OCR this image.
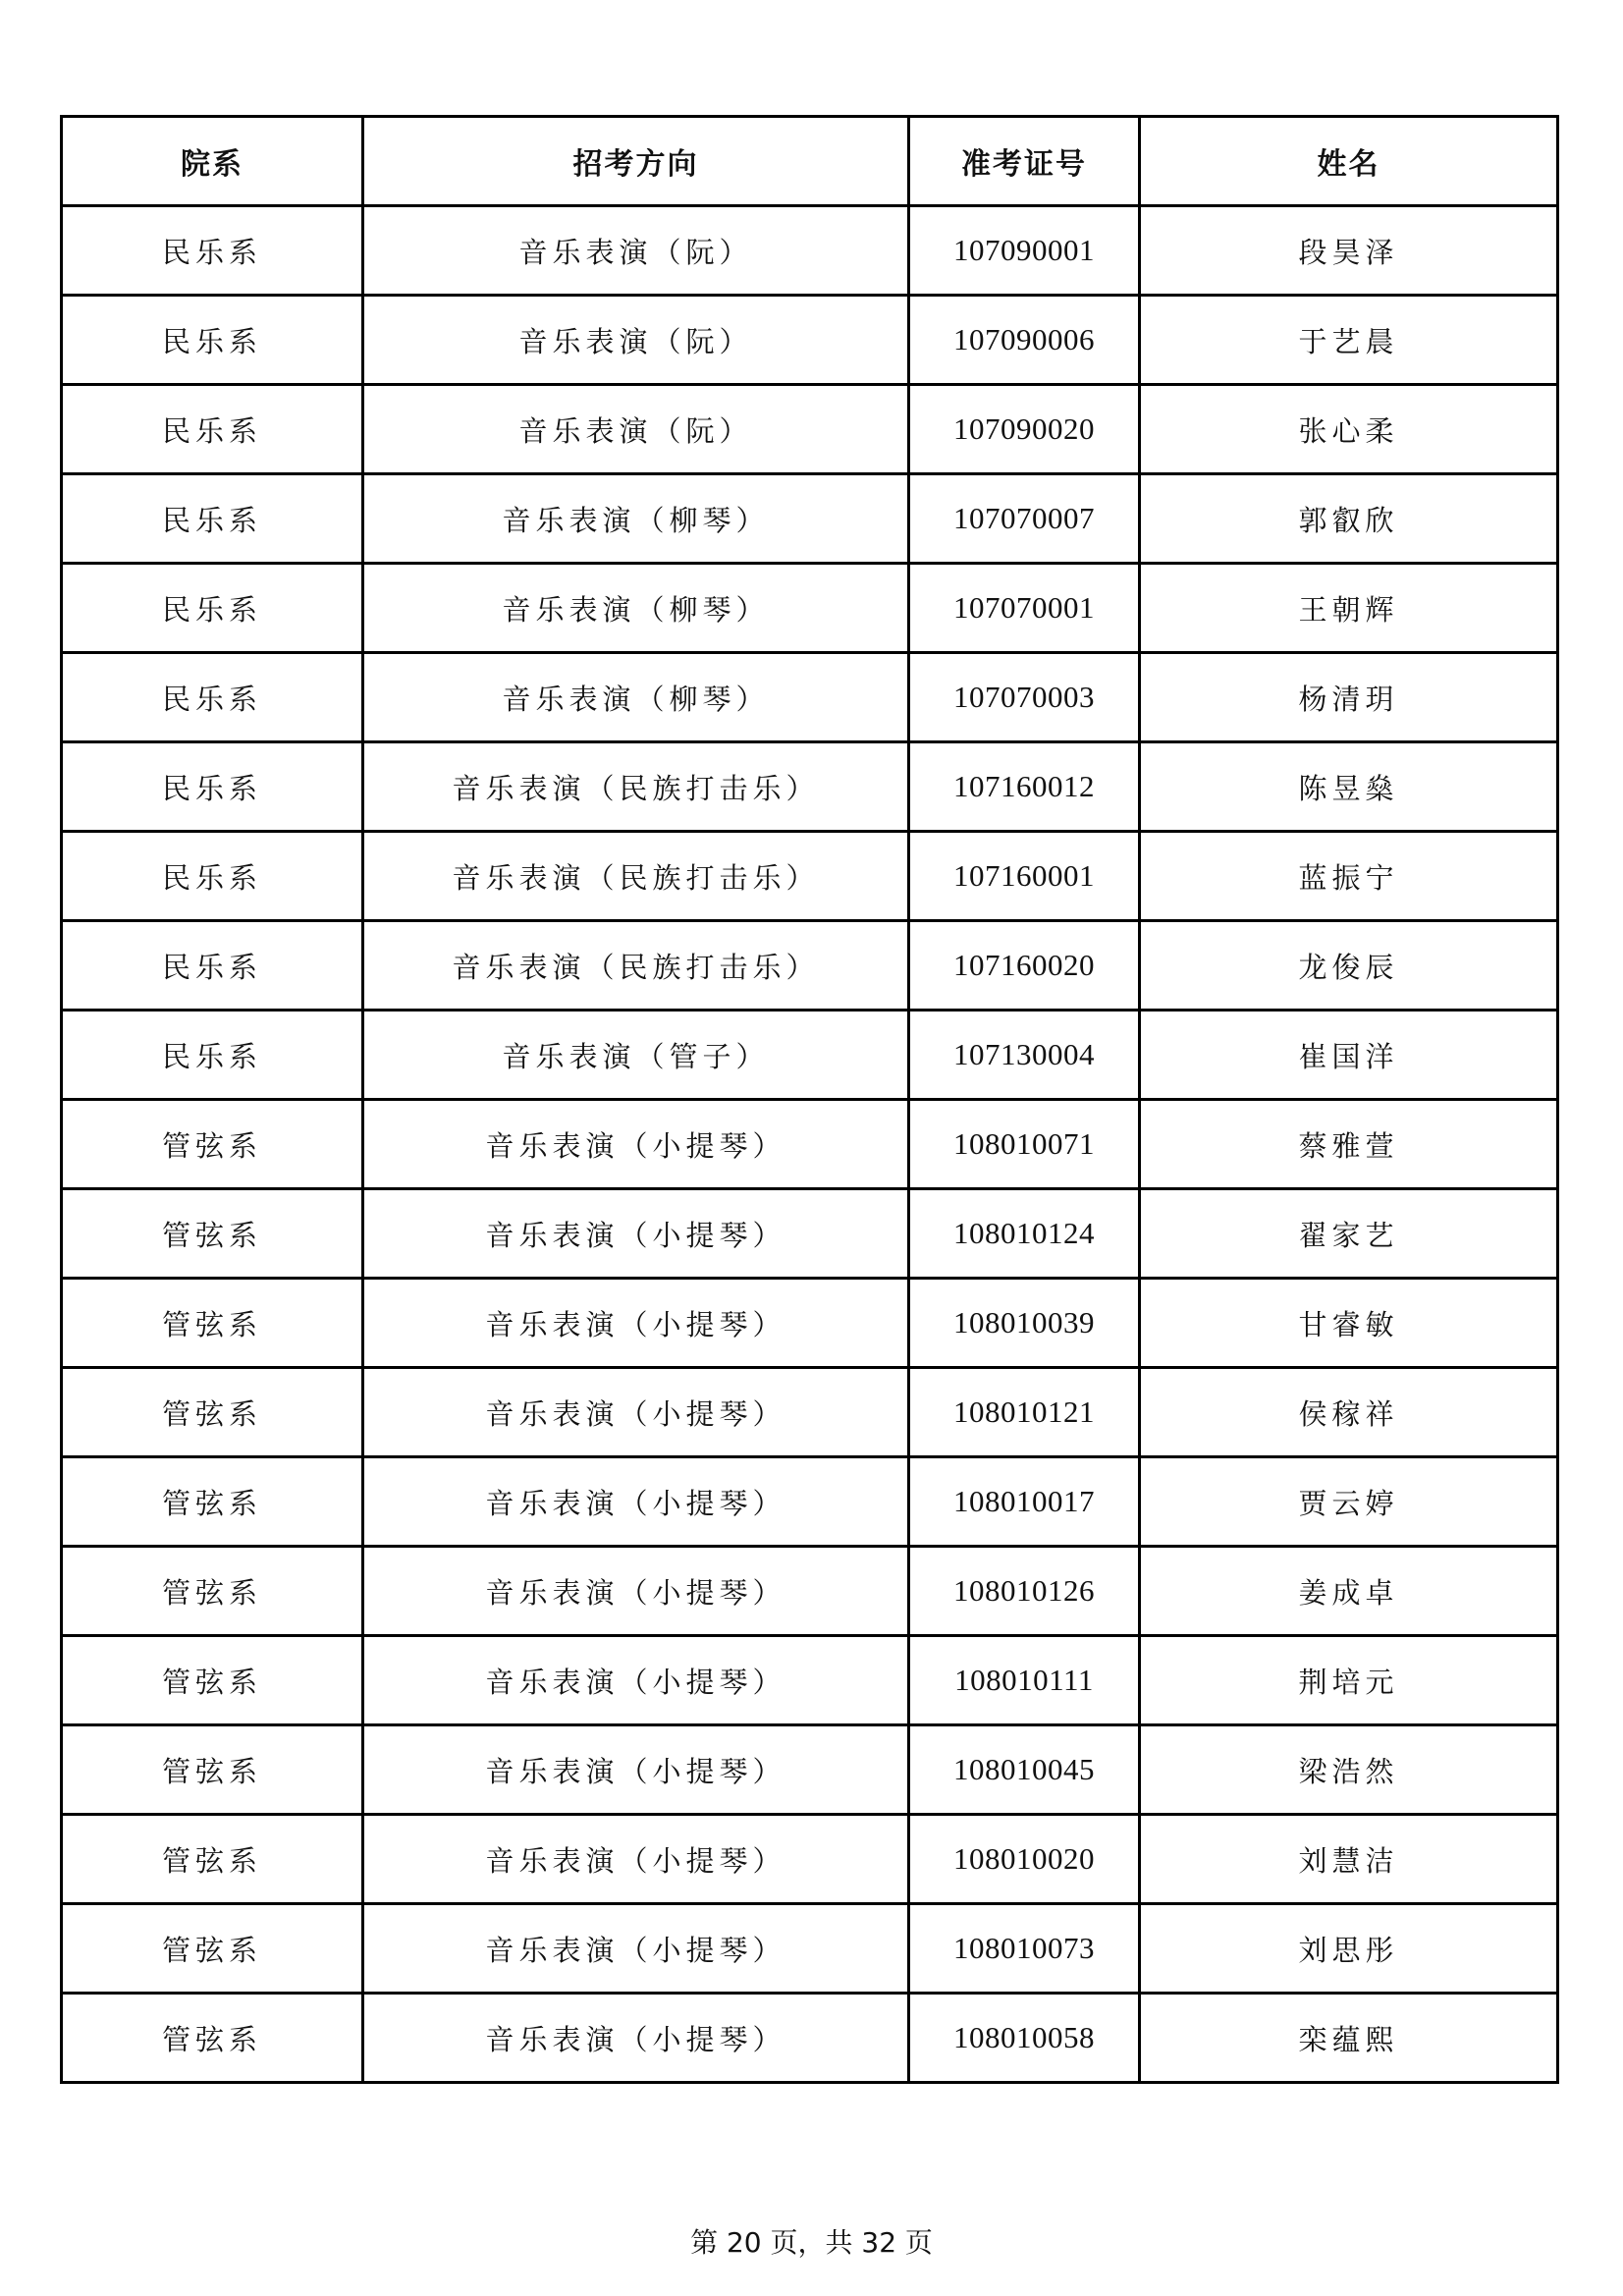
院系	招考方向	准考证号	姓名
民乐系	音乐表演（阮）	107090001	段昊泽
民乐系	音乐表演（阮）	107090006	于艺晨
民乐系	音乐表演（阮）	107090020	张心柔
民乐系	音乐表演（柳琴）	107070007	郭叡欣
民乐系	音乐表演（柳琴）	107070001	王朝辉
民乐系	音乐表演（柳琴）	107070003	杨清玥
民乐系	音乐表演（民族打击乐）	107160012	陈昱燊
民乐系	音乐表演（民族打击乐）	107160001	蓝振宁
民乐系	音乐表演（民族打击乐）	107160020	龙俊辰
民乐系	音乐表演（管子）	107130004	崔国洋
管弦系	音乐表演（小提琴）	108010071	蔡雅萱
管弦系	音乐表演（小提琴）	108010124	翟家艺
管弦系	音乐表演（小提琴）	108010039	甘睿敏
管弦系	音乐表演（小提琴）	108010121	侯稼祥
管弦系	音乐表演（小提琴）	108010017	贾云婷
管弦系	音乐表演（小提琴）	108010126	姜成卓
管弦系	音乐表演（小提琴）	108010111	荆培元
管弦系	音乐表演（小提琴）	108010045	梁浩然
管弦系	音乐表演（小提琴）	108010020	刘慧洁
管弦系	音乐表演（小提琴）	108010073	刘思彤
管弦系	音乐表演（小提琴）	108010058	栾蕴熙
第 20 页，共 32 页
